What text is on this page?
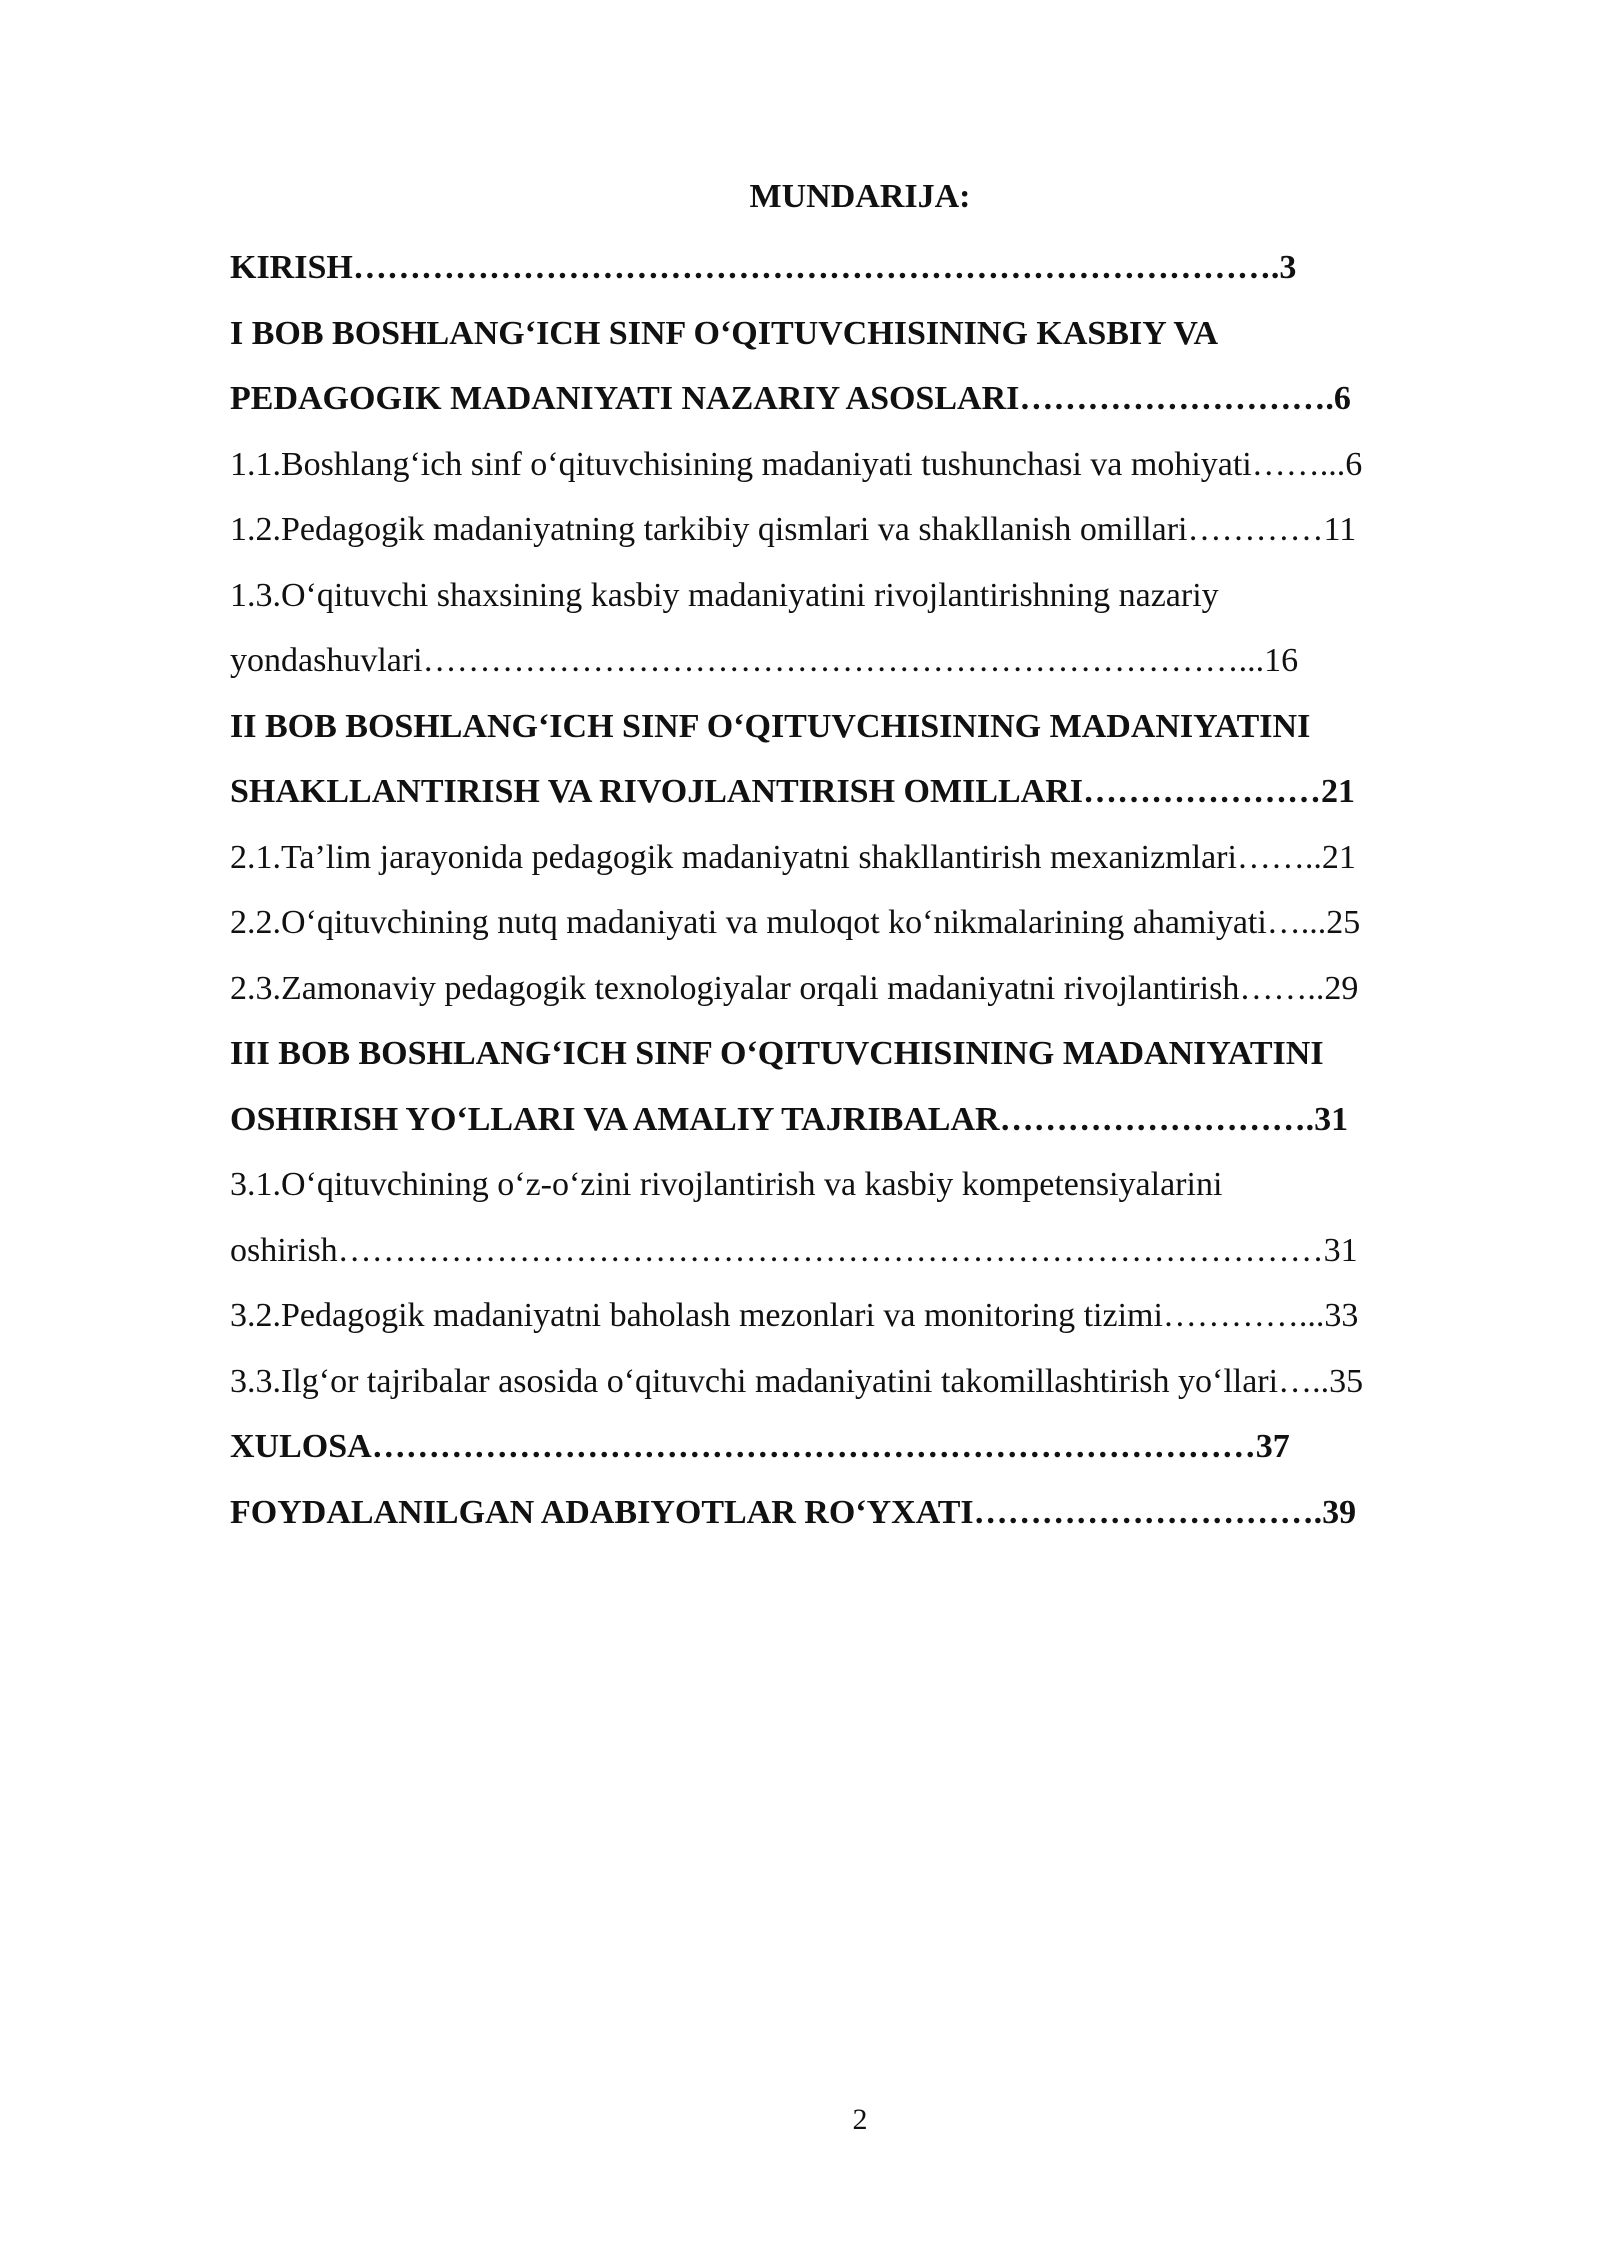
MUNDARIJA:
KIRISH……………………………………………………………………….3
I BOB BOSHLANG‘ICH SINF O‘QITUVCHISINING KASBIY VA
PEDAGOGIK MADANIYATI NAZARIY ASOSLARI……………………….6
1.1.Boshlang‘ich sinf o‘qituvchisining madaniyati tushunchasi va mohiyati……...6
1.2.Pedagogik madaniyatning tarkibiy qismlari va shakllanish omillari…………11
1.3.O‘qituvchi shaxsining kasbiy madaniyatini rivojlantirishning nazariy
yondashuvlari………………………………………………………………...16
II BOB BOSHLANG‘ICH SINF O‘QITUVCHISINING MADANIYATINI
SHAKLLANTIRISH VA RIVOJLANTIRISH OMILLARI…………………21
2.1.Ta’lim jarayonida pedagogik madaniyatni shakllantirish mexanizmlari……..21
2.2.O‘qituvchining nutq madaniyati va muloqot ko‘nikmalarining ahamiyati…...25
2.3.Zamonaviy pedagogik texnologiyalar orqali madaniyatni rivojlantirish……..29
III BOB BOSHLANG‘ICH SINF O‘QITUVCHISINING MADANIYATINI
OSHIRISH YO‘LLARI VA AMALIY TAJRIBALAR……………………….31
3.1.O‘qituvchining o‘z-o‘zini rivojlantirish va kasbiy kompetensiyalarini
oshirish……………………………………………………………………………31
3.2.Pedagogik madaniyatni baholash mezonlari va monitoring tizimi…………...33
3.3.Ilg‘or tajribalar asosida o‘qituvchi madaniyatini takomillashtirish yo‘llari…..35
XULOSA……………………………………………………………………37
FOYDALANILGAN ADABIYOTLAR RO‘YXATI………………………….39
2
